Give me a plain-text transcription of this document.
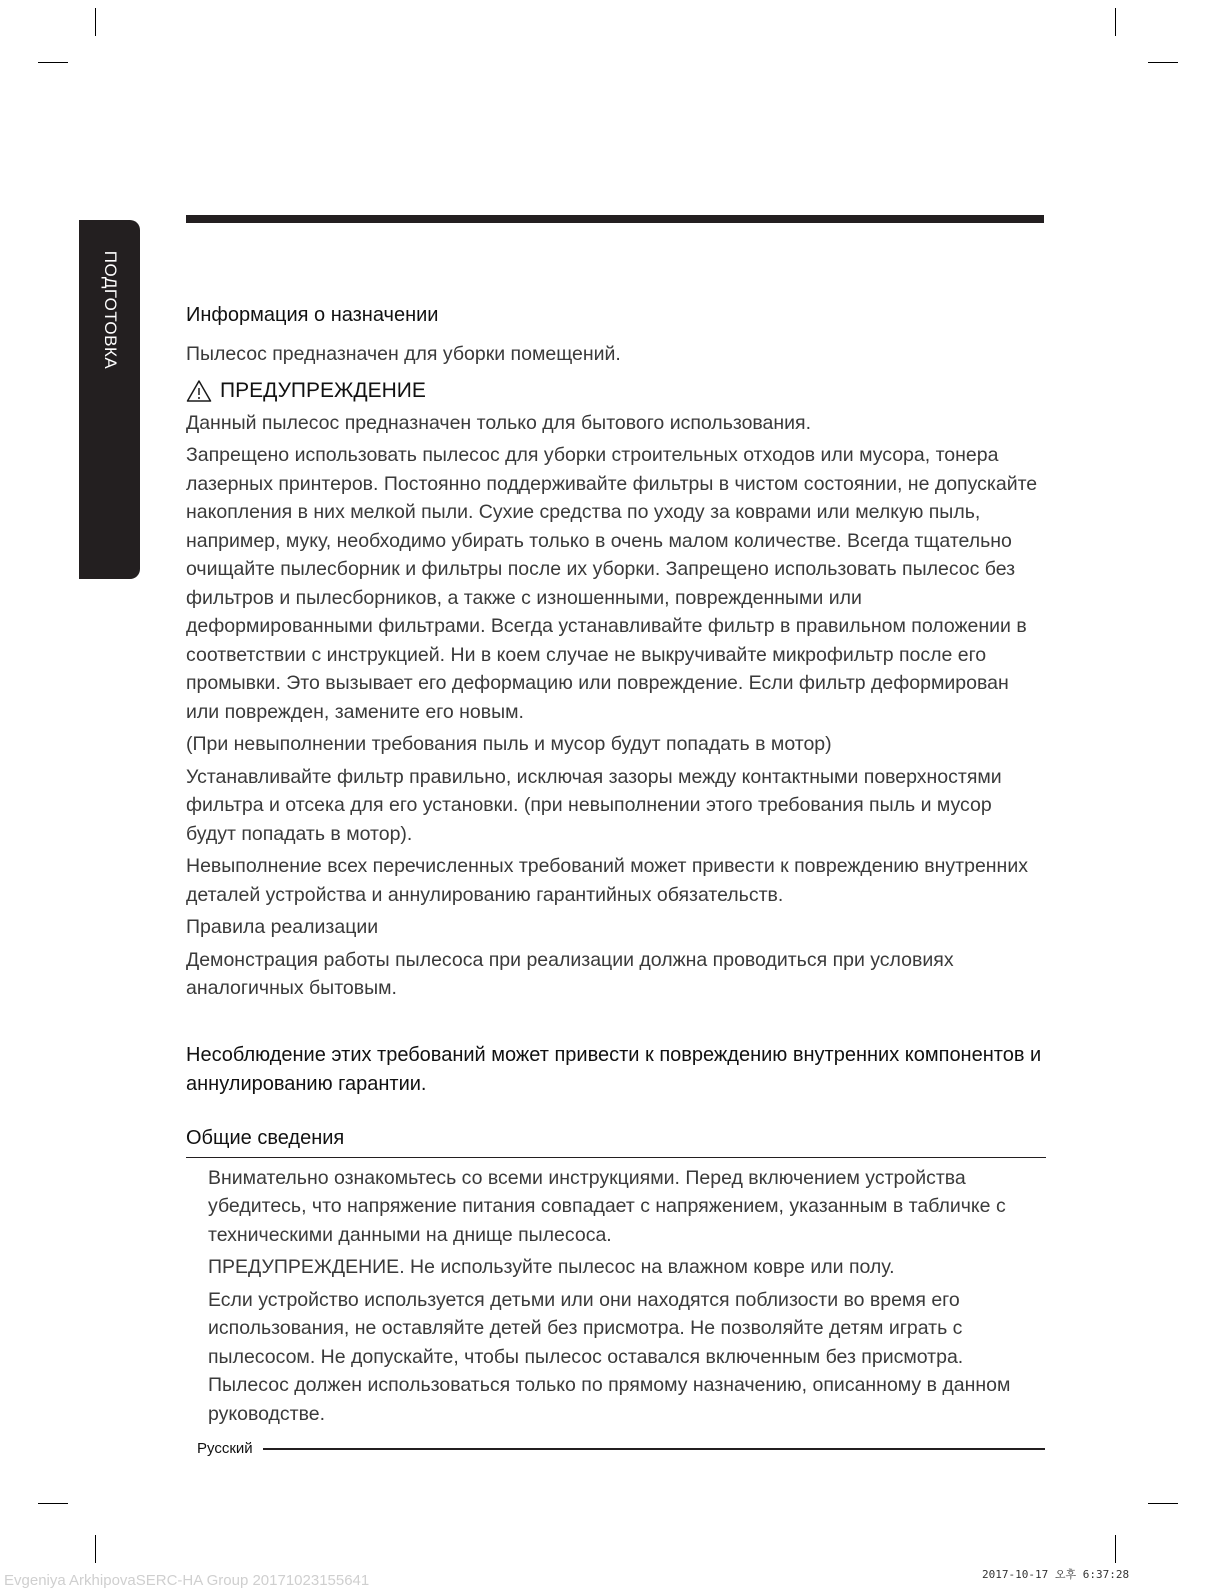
ПОДГОТОВКА	Информация о назначении

Пылесос предназначен для уборки помещений.

ПРЕДУПРЕЖДЕНИЕ

Данный пылесос предназначен только для бытового использования.

Запрещено использовать пылесос для уборки строительных отходов или мусора, тонера лазерных принтеров. Постоянно поддерживайте фильтры в чистом состоянии, не допускайте накопления в них мелкой пыли. Сухие средства по уходу за коврами или мелкую пыль, например, муку, необходимо убирать только в очень малом количестве. Всегда тщательно очищайте пылесборник и фильтры после их уборки. Запрещено использовать пылесос без фильтров и пылесборников, а также с изношенными, поврежденными или деформированными фильтрами. Всегда устанавливайте фильтр в правильном положении в соответствии с инструкцией. Ни в коем случае не выкручивайте микрофильтр после его промывки. Это вызывает его деформацию или повреждение. Если фильтр деформирован или поврежден, замените его новым.

(При невыполнении требования пыль и мусор будут попадать в мотор)

Устанавливайте фильтр правильно, исключая зазоры между контактными поверхностями фильтра и отсека для его установки. (при невыполнении этого требования пыль и мусор будут попадать в мотор).

Невыполнение всех перечисленных требований может привести к повреждению внутренних деталей устройства и аннулированию гарантийных обязательств.

Правила реализации

Демонстрация работы пылесоса при реализации должна проводиться при условиях аналогичных бытовым.

Несоблюдение этих требований может привести к повреждению внутренних компонентов и аннулированию гарантии.

Общие сведения

Внимательно ознакомьтесь со всеми инструкциями. Перед включением устройства убедитесь, что напряжение питания совпадает с напряжением, указанным в табличке с техническими данными на днище пылесоса.

ПРЕДУПРЕЖДЕНИЕ. Не используйте пылесос на влажном ковре или полу.

Если устройство используется детьми или они находятся поблизости во время его использования, не оставляйте детей без присмотра. Не позволяйте детям играть с пылесосом. Не допускайте, чтобы пылесос оставался включенным без присмотра. Пылесос должен использоваться только по прямому назначению, описанному в данном руководстве.

Русский
Evgeniya ArkhipovaSERC-HA Group 20171023155641	2017-10-17 오후 6:37:28
